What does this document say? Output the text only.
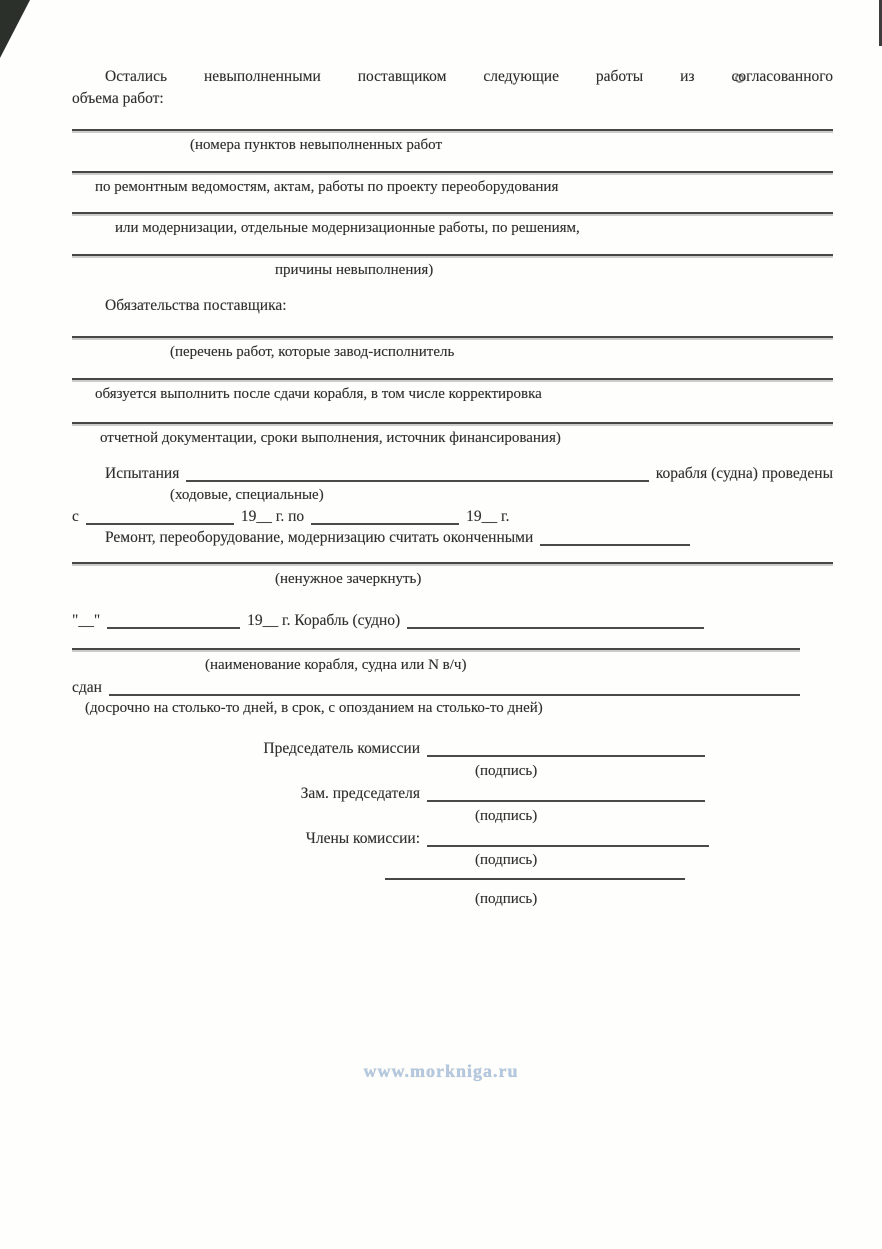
Остались невыполненными поставщиком следующие работы из согласованного
объема работ:

(номера пунктов невыполненных работ
по ремонтным ведомостям, актам, работы по проекту переоборудования
или модернизации, отдельные модернизационные работы, по решениям,
причины невыполнения)
Обязательства поставщика:
(перечень работ, которые завод-исполнитель
обязуется выполнить после сдачи корабля, в том числе корректировка
отчетной документации, сроки выполнения, источник финансирования)
Испытания	корабля (судна) проведены
(ходовые, специальные)
с	19__ г. по	19__ г.
Ремонт, переоборудование, модернизацию считать оконченными
(ненужное зачеркнуть)
"__"	19__ г. Корабль (судно)
(наименование корабля, судна или N в/ч)
сдан
(досрочно на столько-то дней, в срок, с опозданием на столько-то дней)
Председатель комиссии
(подпись)
Зам. председателя
(подпись)
Члены комиссии:
(подпись)
(подпись)
www.morkniga.ru
